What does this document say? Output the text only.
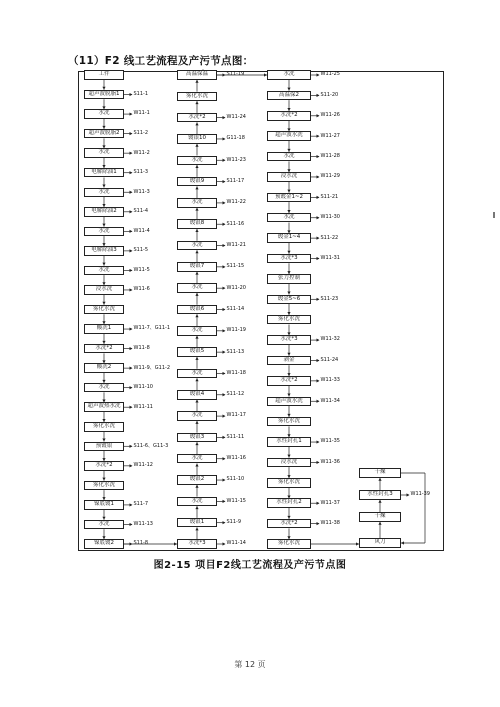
（11）F2 线工艺流程及产污节点图：
工件
超声波脱脂1	S11-1
水洗	W11-1
超声波脱脂2	S11-2
水洗	W11-2
电解除油1	S11-3
水洗	W11-3
电解除油2	S11-4
水洗	W11-4
电解除油3	S11-5
水洗	W11-5
浸水洗	W11-6
雾化水洗
酸洗1	W11-7、G11-1
水洗*2	W11-8
酸洗2	W11-9、G11-2
水洗	W11-10
超声波热水洗	W11-11
雾化水洗
预镀银	S11-6、G11-3
水洗*2	W11-12
雾化水洗
镍底镀1	S11-7
水洗	W11-13
镍底镀2	S11-8
高温保温	S11-19
雾化水洗
水洗*2	W11-24
镀银10	G11-18
水洗	W11-23
镀银9	S11-17
水洗	W11-22
镀银8	S11-16
水洗	W11-21
镀银7	S11-15
水洗	W11-20
镀银6	S11-14
水洗	W11-19
镀银5	S11-13
水洗	W11-18
镀银4	S11-12
水洗	W11-17
镀银3	S11-11
水洗	W11-16
镀银2	S11-10
水洗	W11-15
镀银1	S11-9
水洗*3	W11-14
水洗	W11-25
高温保2	S11-20
水洗*2	W11-26
超声波水洗	W11-27
水洗	W11-28
浸水洗	W11-29
预镀金1~2	S11-21
水洗	W11-30
镀金1~4	S11-22
水洗*3	W11-31
张力控制
镀金5~6	S11-23
雾化水洗
水洗*3	W11-32
剥金	S11-24
水洗*2	W11-33
超声波水洗	W11-34
雾化水洗
水性封孔1	W11-35
浸水洗	W11-36
雾化水洗
水性封孔2	W11-37
水洗*2	W11-38
雾化水洗
干燥
水性封孔3	W11-39
干燥
风刀
图2-15 项目F2线工艺流程及产污节点图
第 12 页
